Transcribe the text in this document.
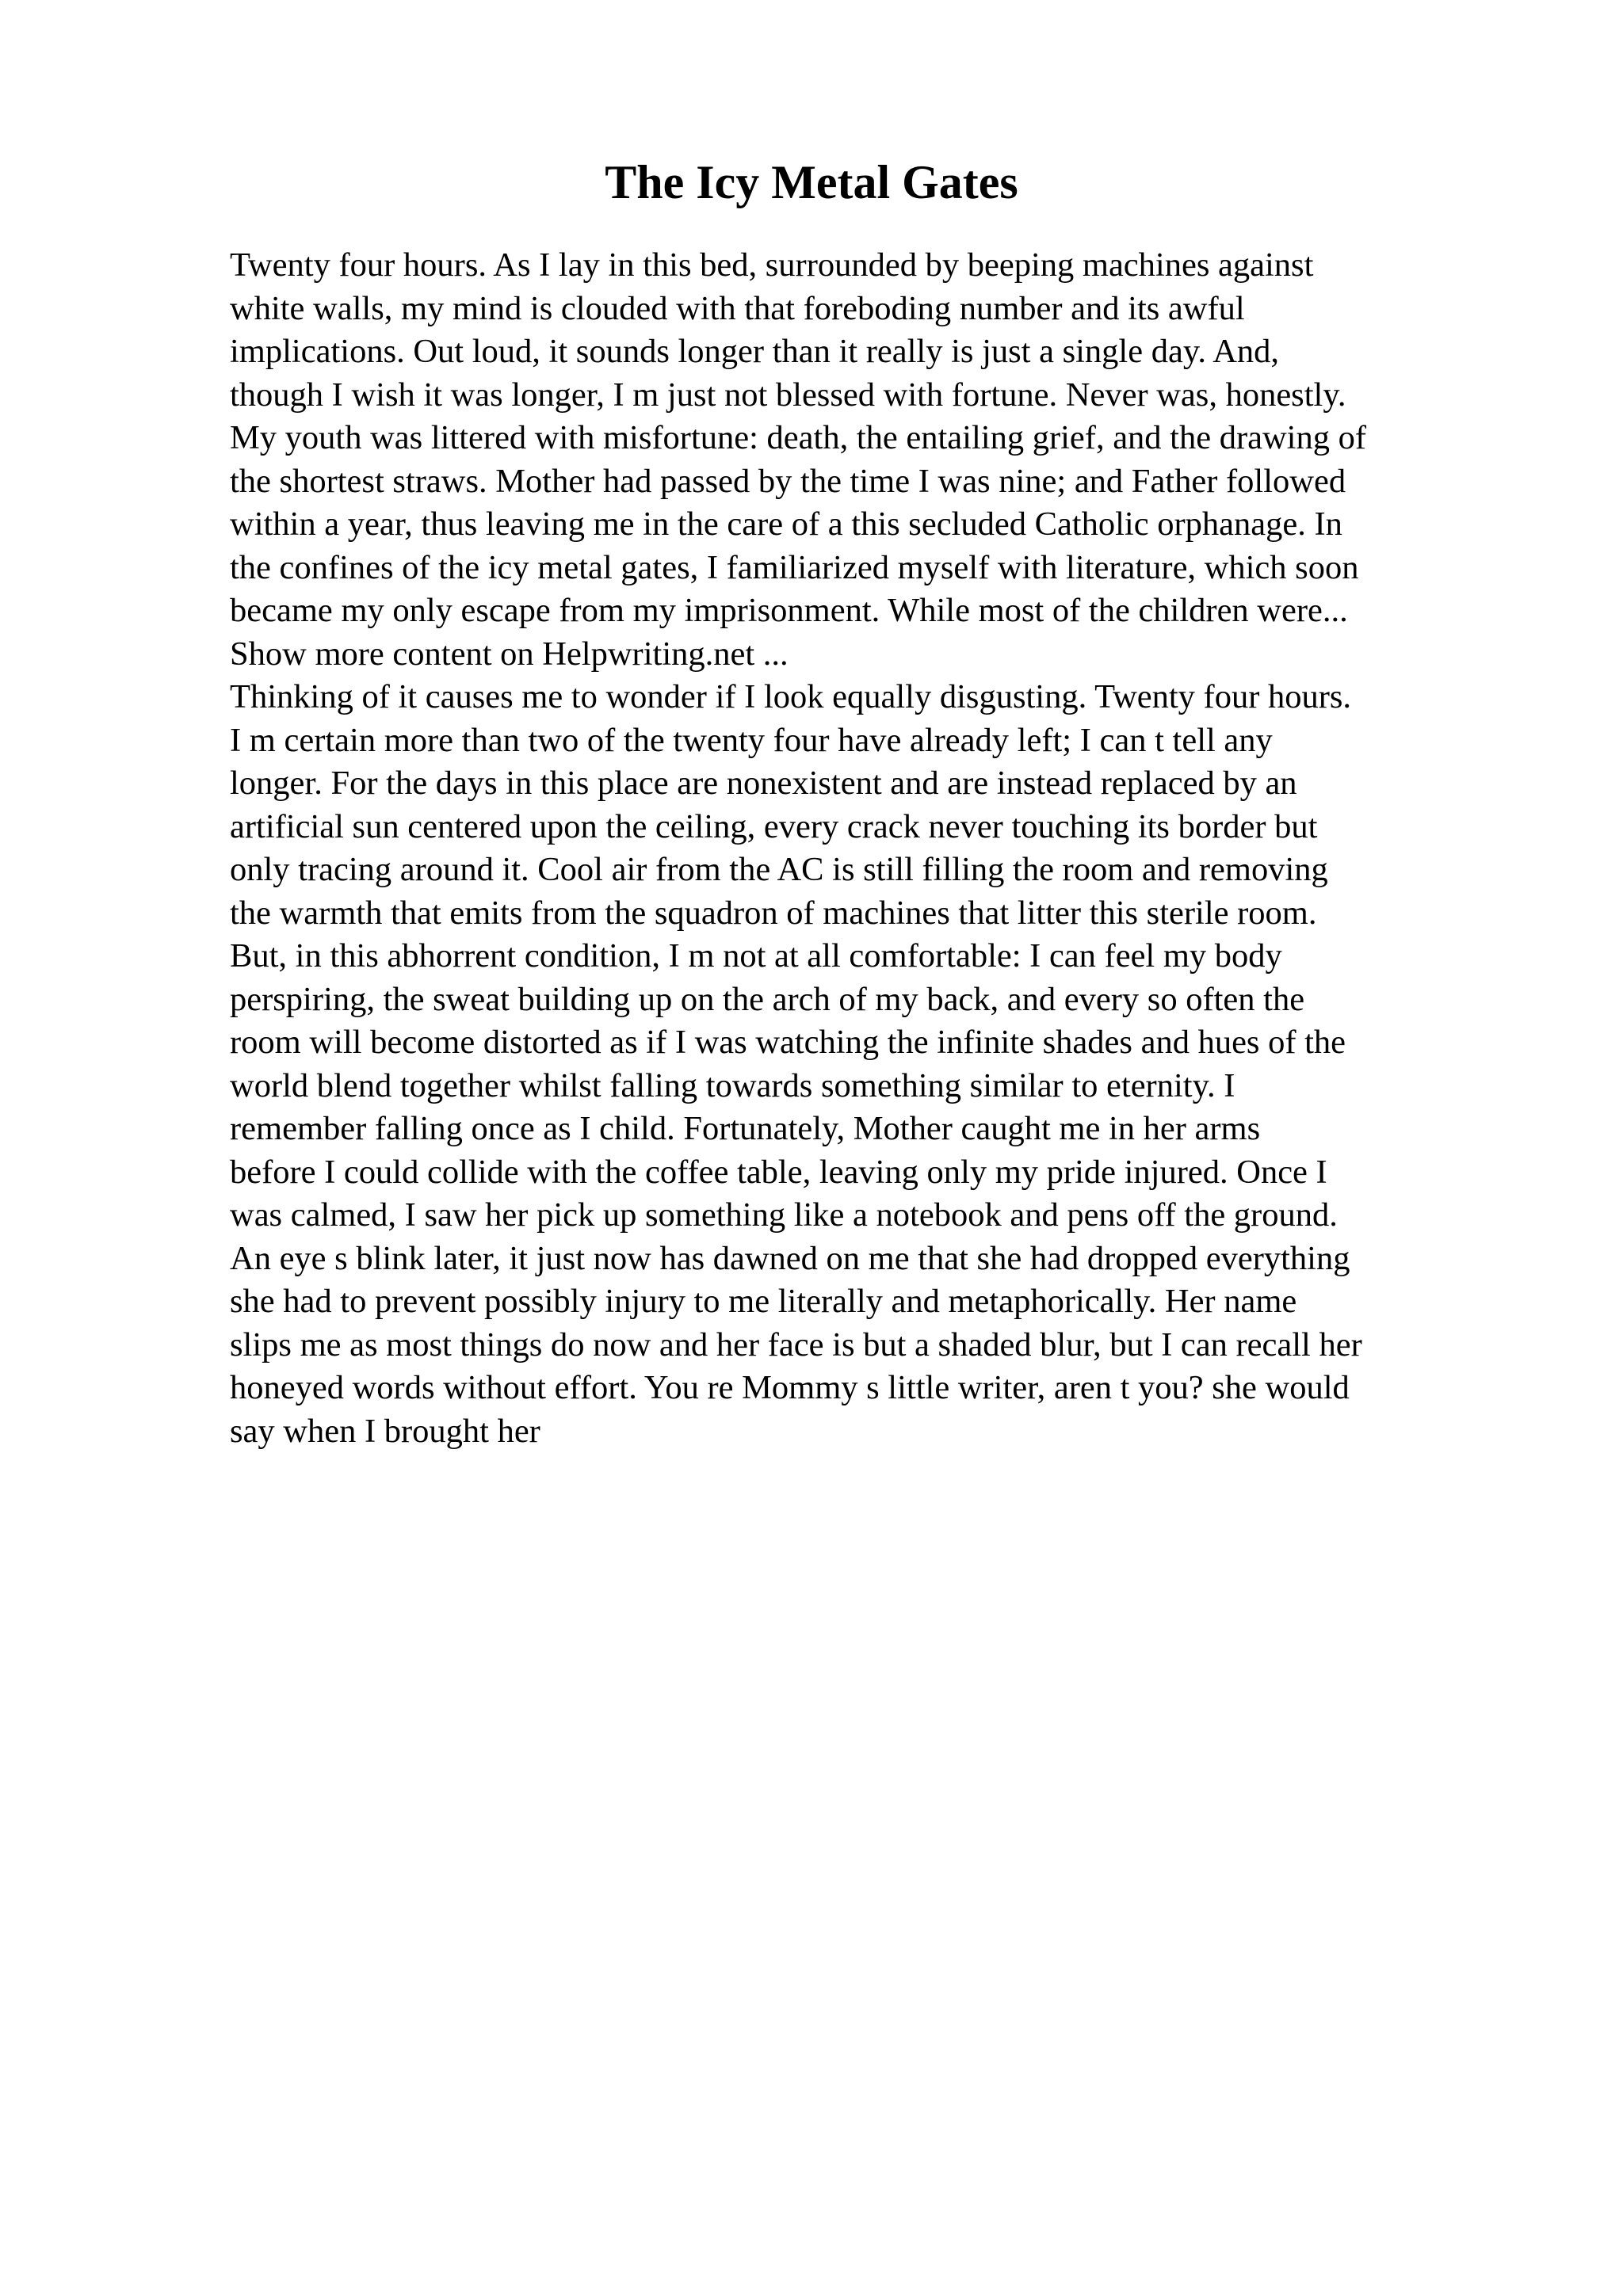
The Icy Metal Gates
Twenty four hours. As I lay in this bed, surrounded by beeping machines against
white walls, my mind is clouded with that foreboding number and its awful
implications. Out loud, it sounds longer than it really is just a single day. And,
though I wish it was longer, I m just not blessed with fortune. Never was, honestly.
My youth was littered with misfortune: death, the entailing grief, and the drawing of
the shortest straws. Mother had passed by the time I was nine; and Father followed
within a year, thus leaving me in the care of a this secluded Catholic orphanage. In
the confines of the icy metal gates, I familiarized myself with literature, which soon
became my only escape from my imprisonment. While most of the children were...
Show more content on Helpwriting.net ...
Thinking of it causes me to wonder if I look equally disgusting. Twenty four hours.
I m certain more than two of the twenty four have already left; I can t tell any
longer. For the days in this place are nonexistent and are instead replaced by an
artificial sun centered upon the ceiling, every crack never touching its border but
only tracing around it. Cool air from the AC is still filling the room and removing
the warmth that emits from the squadron of machines that litter this sterile room.
But, in this abhorrent condition, I m not at all comfortable: I can feel my body
perspiring, the sweat building up on the arch of my back, and every so often the
room will become distorted as if I was watching the infinite shades and hues of the
world blend together whilst falling towards something similar to eternity. I
remember falling once as I child. Fortunately, Mother caught me in her arms
before I could collide with the coffee table, leaving only my pride injured. Once I
was calmed, I saw her pick up something like a notebook and pens off the ground.
An eye s blink later, it just now has dawned on me that she had dropped everything
she had to prevent possibly injury to me literally and metaphorically. Her name
slips me as most things do now and her face is but a shaded blur, but I can recall her
honeyed words without effort. You re Mommy s little writer, aren t you? she would
say when I brought her
